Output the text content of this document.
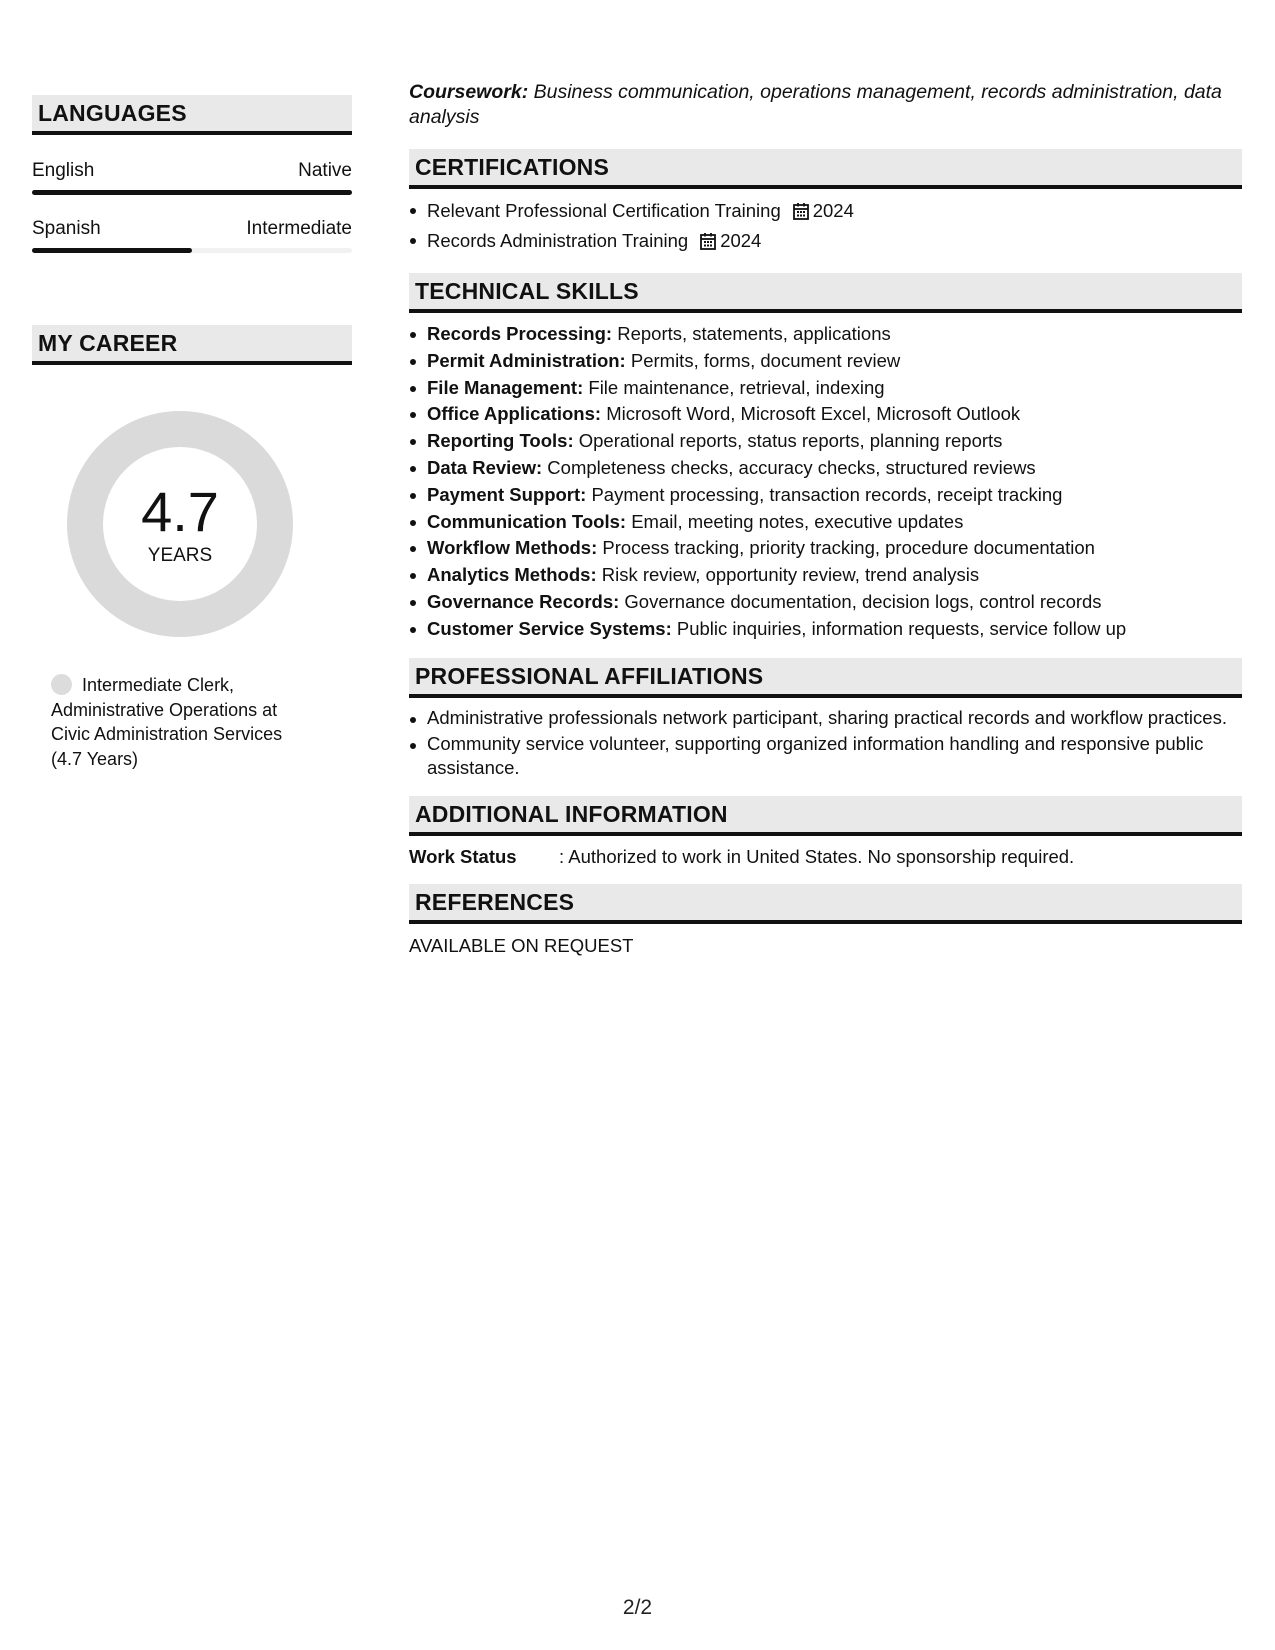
LANGUAGES
English	Native
Spanish	Intermediate
MY CAREER
4.7
YEARS
Intermediate Clerk, Administrative Operations at Civic Administration Services (4.7 Years)
Coursework: Business communication, operations management, records administration, data analysis
CERTIFICATIONS
Relevant Professional Certification Training 2024
Records Administration Training 2024
TECHNICAL SKILLS
Records Processing: Reports, statements, applications
Permit Administration: Permits, forms, document review
File Management: File maintenance, retrieval, indexing
Office Applications: Microsoft Word, Microsoft Excel, Microsoft Outlook
Reporting Tools: Operational reports, status reports, planning reports
Data Review: Completeness checks, accuracy checks, structured reviews
Payment Support: Payment processing, transaction records, receipt tracking
Communication Tools: Email, meeting notes, executive updates
Workflow Methods: Process tracking, priority tracking, procedure documentation
Analytics Methods: Risk review, opportunity review, trend analysis
Governance Records: Governance documentation, decision logs, control records
Customer Service Systems: Public inquiries, information requests, service follow up
PROFESSIONAL AFFILIATIONS
Administrative professionals network participant, sharing practical records and workflow practices.
Community service volunteer, supporting organized information handling and responsive public assistance.
ADDITIONAL INFORMATION
Work Status	: Authorized to work in United States. No sponsorship required.
REFERENCES
AVAILABLE ON REQUEST
2/2
